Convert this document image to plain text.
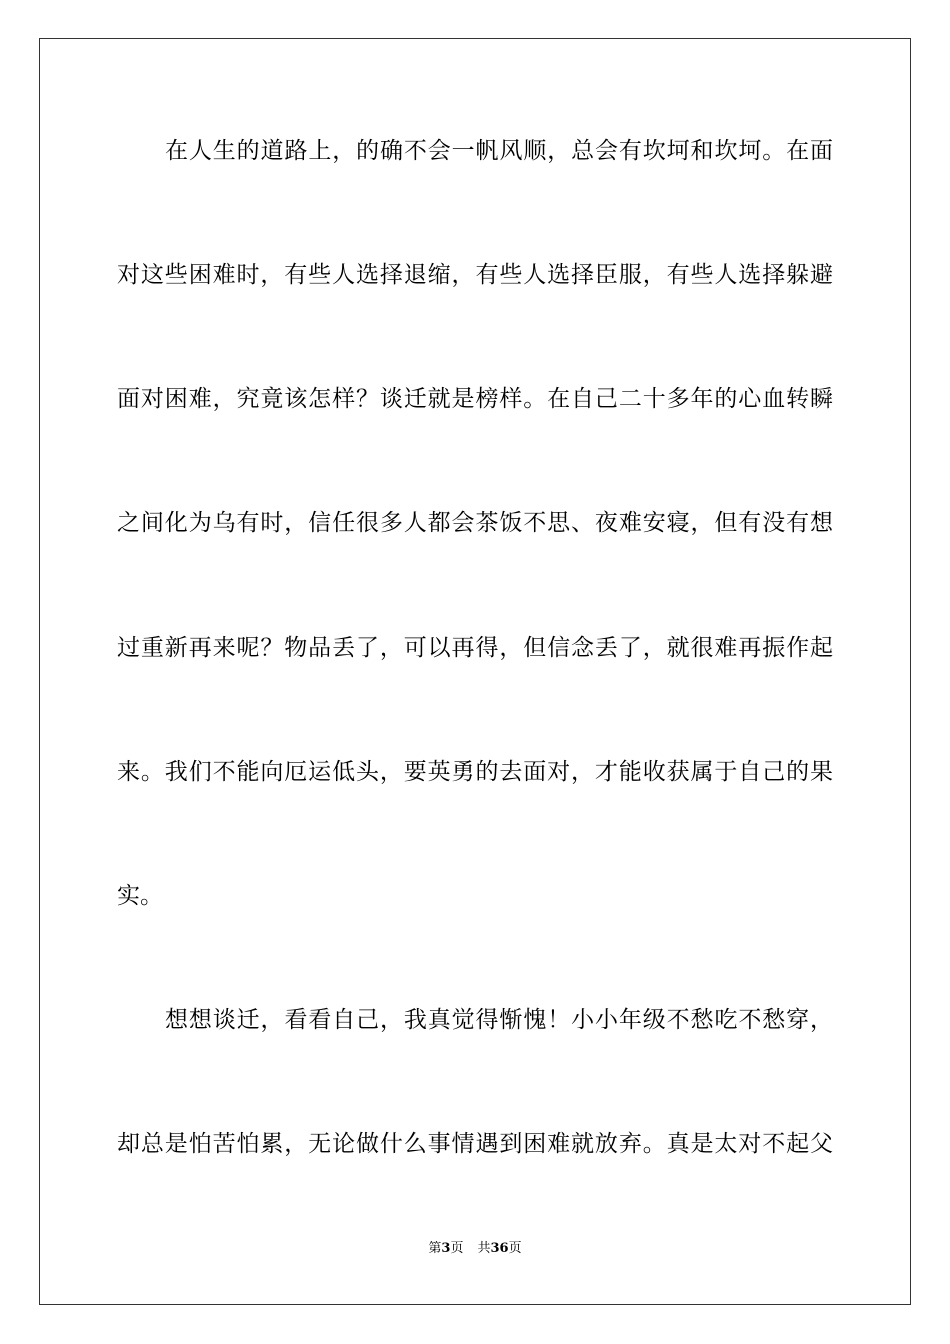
在人生的道路上，的确不会一帆风顺，总会有坎坷和坎坷。在面
对这些困难时，有些人选择退缩，有些人选择臣服，有些人选择躲避
面对困难，究竟该怎样？谈迁就是榜样。在自己二十多年的心血转瞬
之间化为乌有时，信任很多人都会茶饭不思、夜难安寝，但有没有想
过重新再来呢？物品丢了，可以再得，但信念丢了，就很难再振作起
来。我们不能向厄运低头，要英勇的去面对，才能收获属于自己的果
实。
想想谈迁，看看自己，我真觉得惭愧！小小年级不愁吃不愁穿，
却总是怕苦怕累，无论做什么事情遇到困难就放弃。真是太对不起父
第3页 共36页
